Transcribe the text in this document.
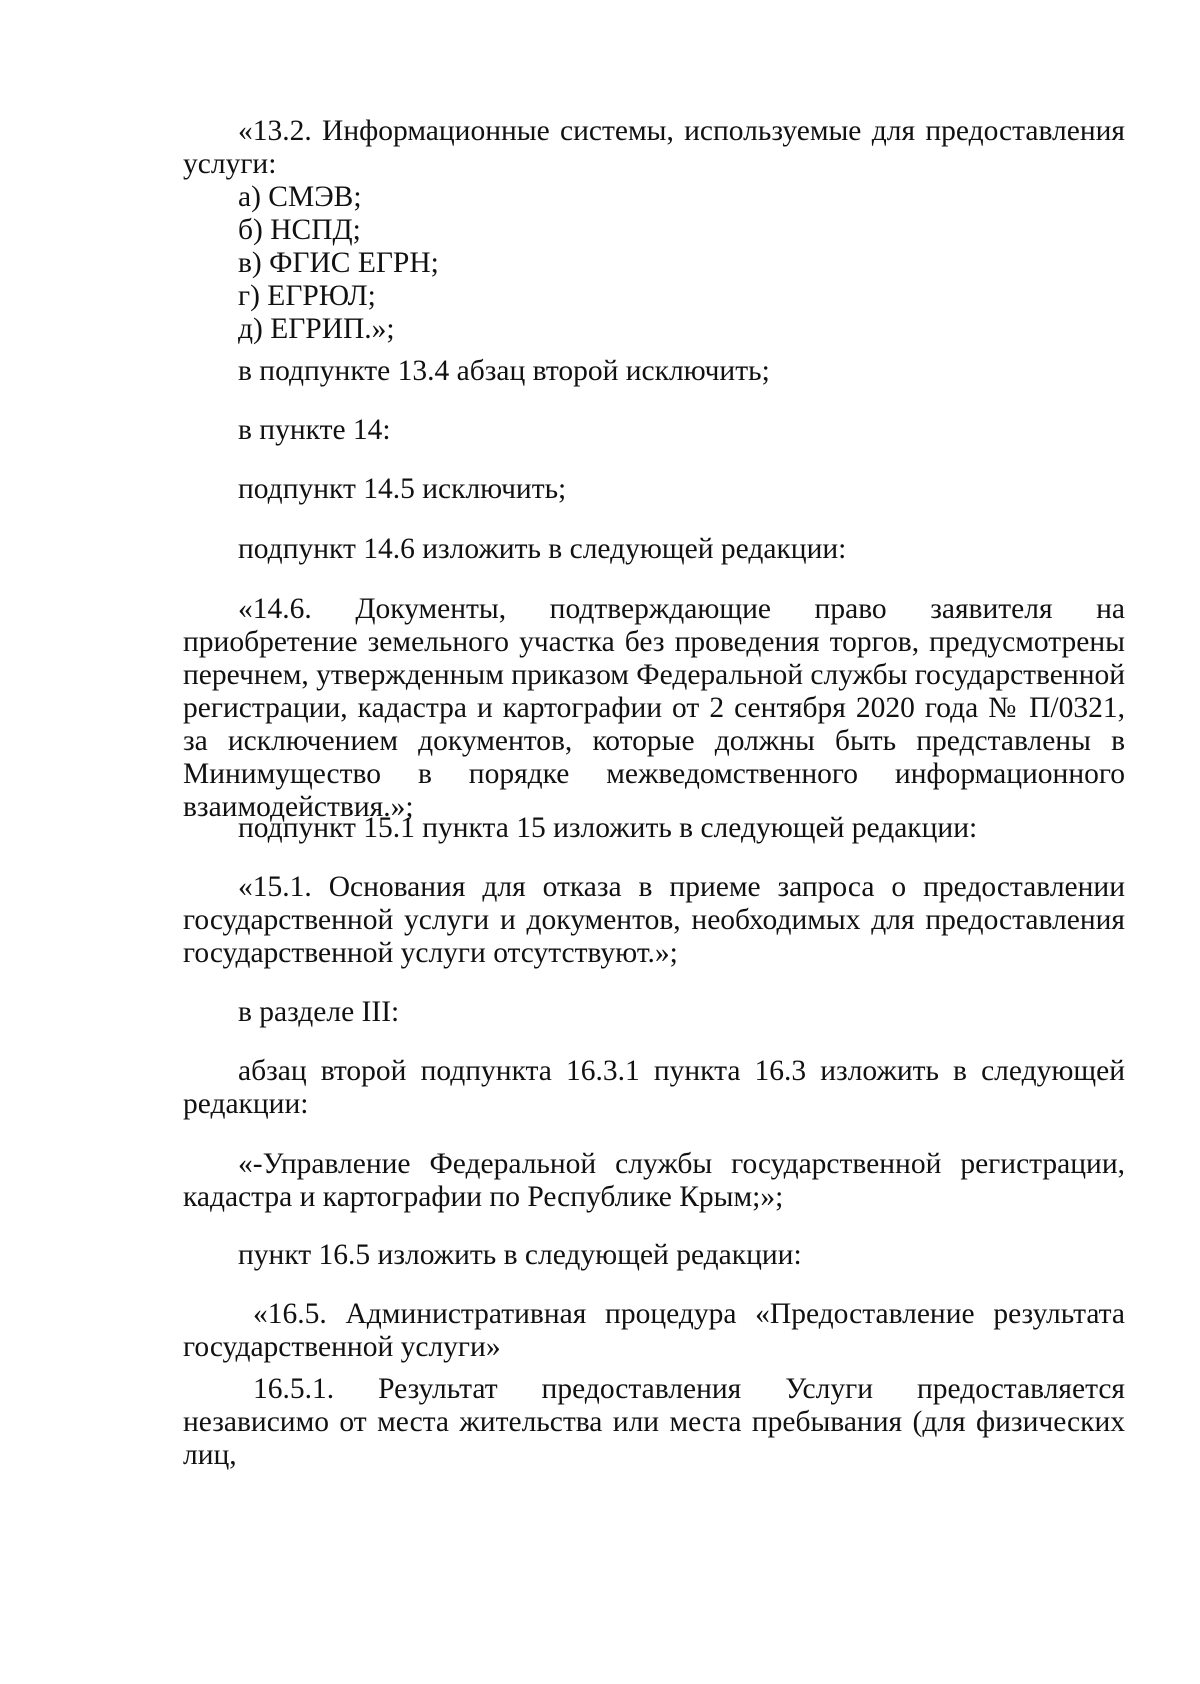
«13.2. Информационные системы, используемые для предоставления услуги:
а) СМЭВ;
б) НСПД;
в) ФГИС ЕГРН;
г) ЕГРЮЛ;
д) ЕГРИП.»;

в подпункте 13.4 абзац второй исключить;

в пункте 14:

подпункт 14.5 исключить;

подпункт 14.6 изложить в следующей редакции:

«14.6. Документы, подтверждающие право заявителя на приобретение земельного участка без проведения торгов, предусмотрены перечнем, утвержденным приказом Федеральной службы государственной регистрации, кадастра и картографии от 2 сентября 2020 года № П/0321, за исключением документов, которые должны быть представлены в Минимущество в порядке межведомственного информационного взаимодействия.»;

подпункт 15.1 пункта 15 изложить в следующей редакции:

«15.1. Основания для отказа в приеме запроса о предоставлении государственной услуги и документов, необходимых для предоставления государственной услуги отсутствуют.»;

в разделе III:

абзац второй подпункта 16.3.1 пункта 16.3 изложить в следующей редакции:

«-Управление Федеральной службы государственной регистрации, кадастра и картографии по Республике Крым;»;

пункт 16.5 изложить в следующей редакции:

«16.5. Административная процедура «Предоставление результата государственной услуги»

16.5.1. Результат предоставления Услуги предоставляется независимо от места жительства или места пребывания (для физических лиц,
